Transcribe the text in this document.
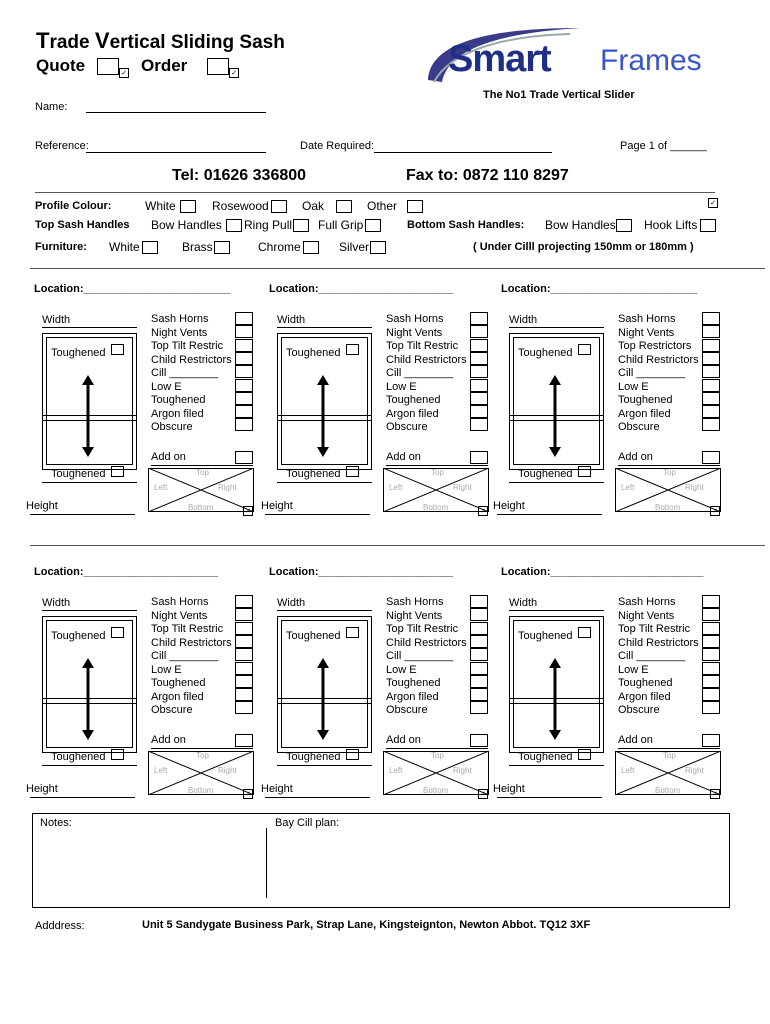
Trade Vertical Sliding Sash
Quote	✓ Order	✓	Smart Frames
The No1 Trade Vertical Slider
Name:
Reference:	Date Required:	Page 1 of ______
Tel: 01626 336800	Fax to: 0872 110 8297
✓
Profile Colour:	White	Rosewood	Oak	Other
Top Sash Handles Bow Handles Ring Pull Full Grip	Bottom Sash Handles: Bow Handles Hook Lifts
Furniture: White	Brass	Chrome	Silver	( Under Cilll projecting 150mm or 180mm )
Location:________________________
Width
Toughened
Toughened
Height
Sash Horns
Night Vents
Top Tilt Restric
Child Restrictors
Cill ________
Low E
Toughened
Argon filed
Obscure
Add on
Top
Left	Right
Bottom	✓
Location:______________________
Width
Toughened
Toughened
Height
Sash Horns
Night Vents
Top Tilt Restric
Child Restrictors
Cill ________
Low E
Toughened
Argon filed
Obscure
Add on
Top
Left	Right
Bottom	✓
Location:________________________
Width
Toughened
Toughened
Height
Sash Horns
Night Vents
Top Restrictors
Child Restrictors
Cill ________
Low E
Toughened
Argon filed
Obscure
Add on
Top
Left	Right
Bottom	✓
Location:______________________
Width
Toughened
Toughened
Height
Sash Horns
Night Vents
Top Tilt Restric
Child Restrictors
Cill ________
Low E
Toughened
Argon filed
Obscure
Add on
Top
Left	Right
Bottom	✓
Location:______________________
Width
Toughened
Toughened
Height
Sash Horns
Night Vents
Top Tilt Restric
Child Restrictors
Cill ________
Low E
Toughened
Argon filed
Obscure
Add on
Top
Left	Right
Bottom	✓
Location:_________________________
Width
Toughened
Toughened
Height
Sash Horns
Night Vents
Top Tilt Restric
Child Restrictors
Cill ________
Low E
Toughened
Argon filed
Obscure
Add on
Top
Left	Right
Bottom	✓
Notes:	Bay Cill plan:
Adddress:	Unit 5 Sandygate Business Park, Strap Lane, Kingsteignton, Newton Abbot. TQ12 3XF
